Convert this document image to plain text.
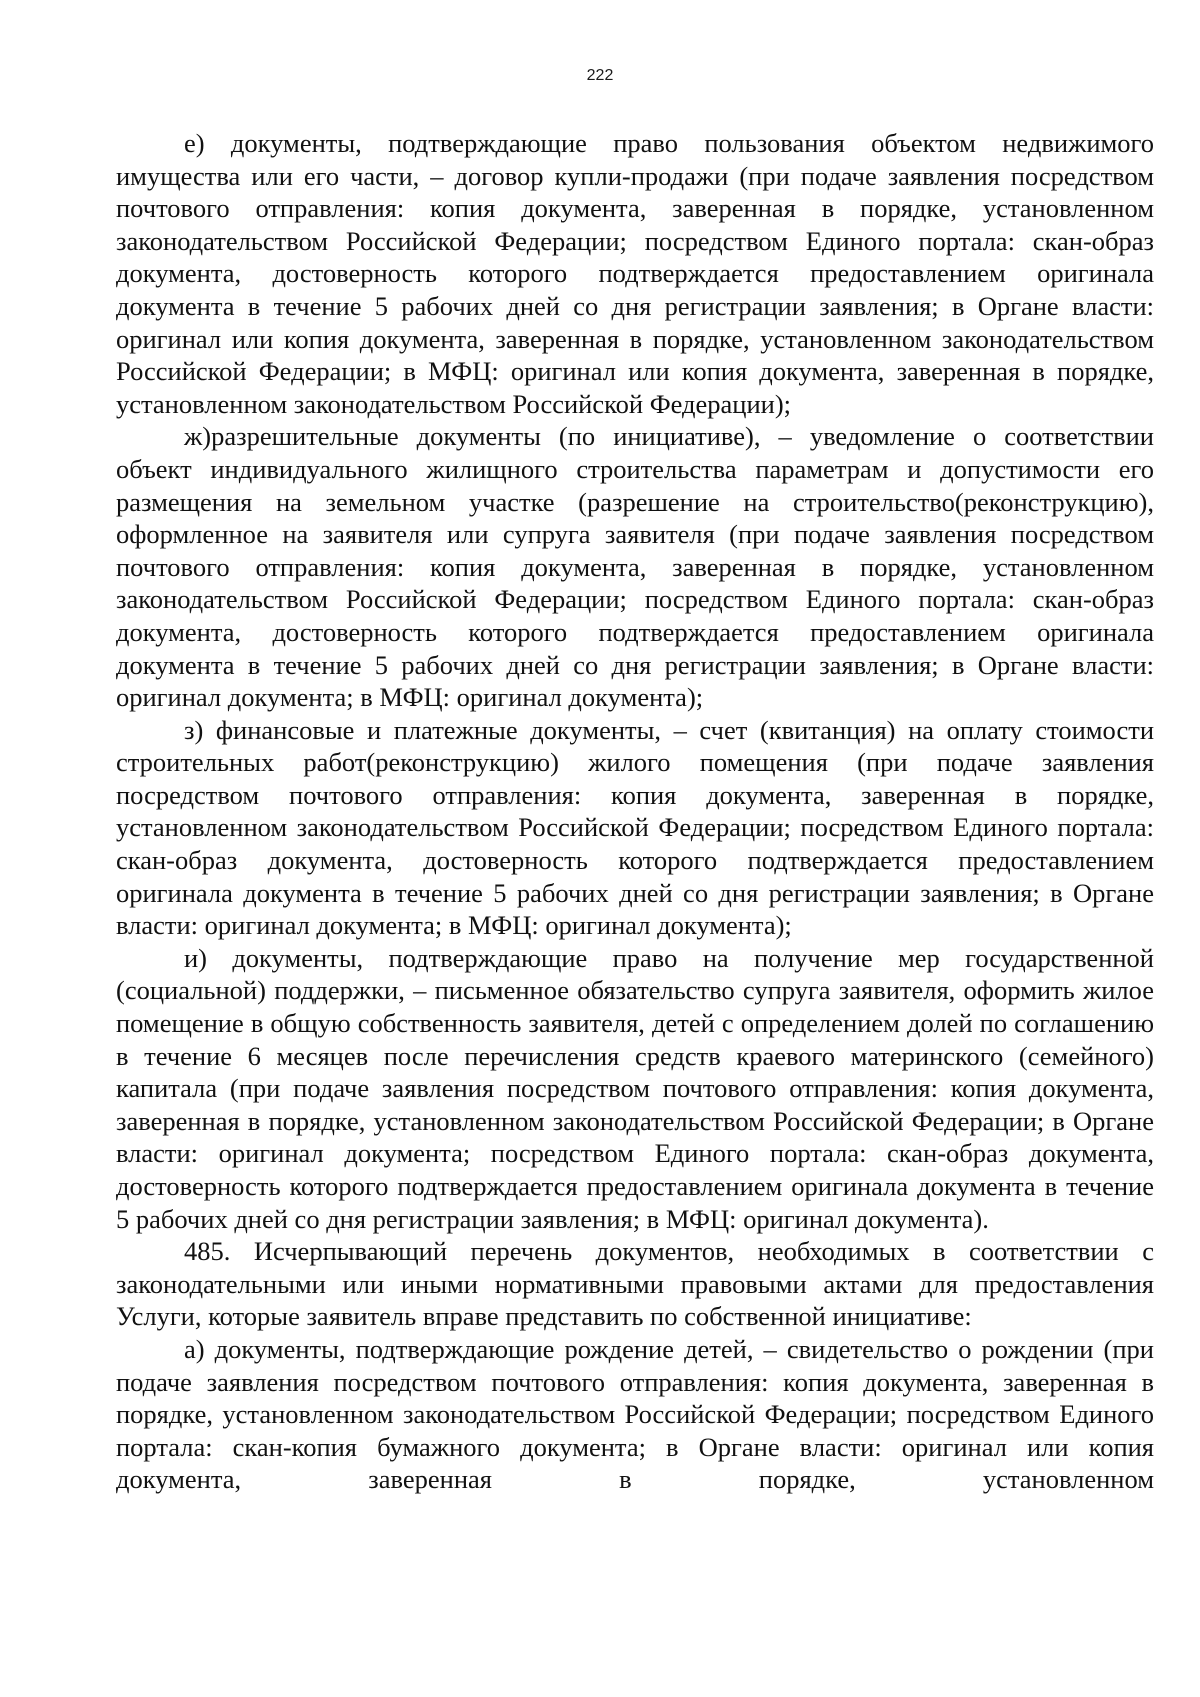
222

е) документы, подтверждающие право пользования объектом недвижимого имущества или его части, – договор купли-продажи (при подаче заявления посредством почтового отправления: копия документа, заверенная в порядке, установленном законодательством Российской Федерации; посредством Единого портала: скан-образ документа, достоверность которого подтверждается предоставлением оригинала документа в течение 5 рабочих дней со дня регистрации заявления; в Органе власти: оригинал или копия документа, заверенная в порядке, установленном законодательством Российской Федерации; в МФЦ: оригинал или копия документа, заверенная в порядке, установленном законодательством Российской Федерации);

ж)разрешительные документы (по инициативе), – уведомление о соответствии объект индивидуального жилищного строительства параметрам и допустимости его размещения на земельном участке (разрешение на строительство(реконструкцию), оформленное на заявителя или супруга заявителя (при подаче заявления посредством почтового отправления: копия документа, заверенная в порядке, установленном законодательством Российской Федерации; посредством Единого портала: скан-образ документа, достоверность которого подтверждается предоставлением оригинала документа в течение 5 рабочих дней со дня регистрации заявления; в Органе власти: оригинал документа; в МФЦ: оригинал документа);

з) финансовые и платежные документы, – счет (квитанция) на оплату стоимости строительных работ(реконструкцию) жилого помещения (при подаче заявления посредством почтового отправления: копия документа, заверенная в порядке, установленном законодательством Российской Федерации; посредством Единого портала: скан-образ документа, достоверность которого подтверждается предоставлением оригинала документа в течение 5 рабочих дней со дня регистрации заявления; в Органе власти: оригинал документа; в МФЦ: оригинал документа);

и) документы, подтверждающие право на получение мер государственной (социальной) поддержки, – письменное обязательство супруга заявителя, оформить жилое помещение в общую собственность заявителя, детей с определением долей по соглашению в течение 6 месяцев после перечисления средств краевого материнского (семейного) капитала (при подаче заявления посредством почтового отправления: копия документа, заверенная в порядке, установленном законодательством Российской Федерации; в Органе власти: оригинал документа; посредством Единого портала: скан-образ документа, достоверность которого подтверждается предоставлением оригинала документа в течение 5 рабочих дней со дня регистрации заявления; в МФЦ: оригинал документа).

485. Исчерпывающий перечень документов, необходимых в соответствии с законодательными или иными нормативными правовыми актами для предоставления Услуги, которые заявитель вправе представить по собственной инициативе:

а) документы, подтверждающие рождение детей, – свидетельство о рождении (при подаче заявления посредством почтового отправления: копия документа, заверенная в порядке, установленном законодательством Российской Федерации; посредством Единого портала: скан-копия бумажного документа; в Органе власти: оригинал или копия документа, заверенная в порядке, установленном
